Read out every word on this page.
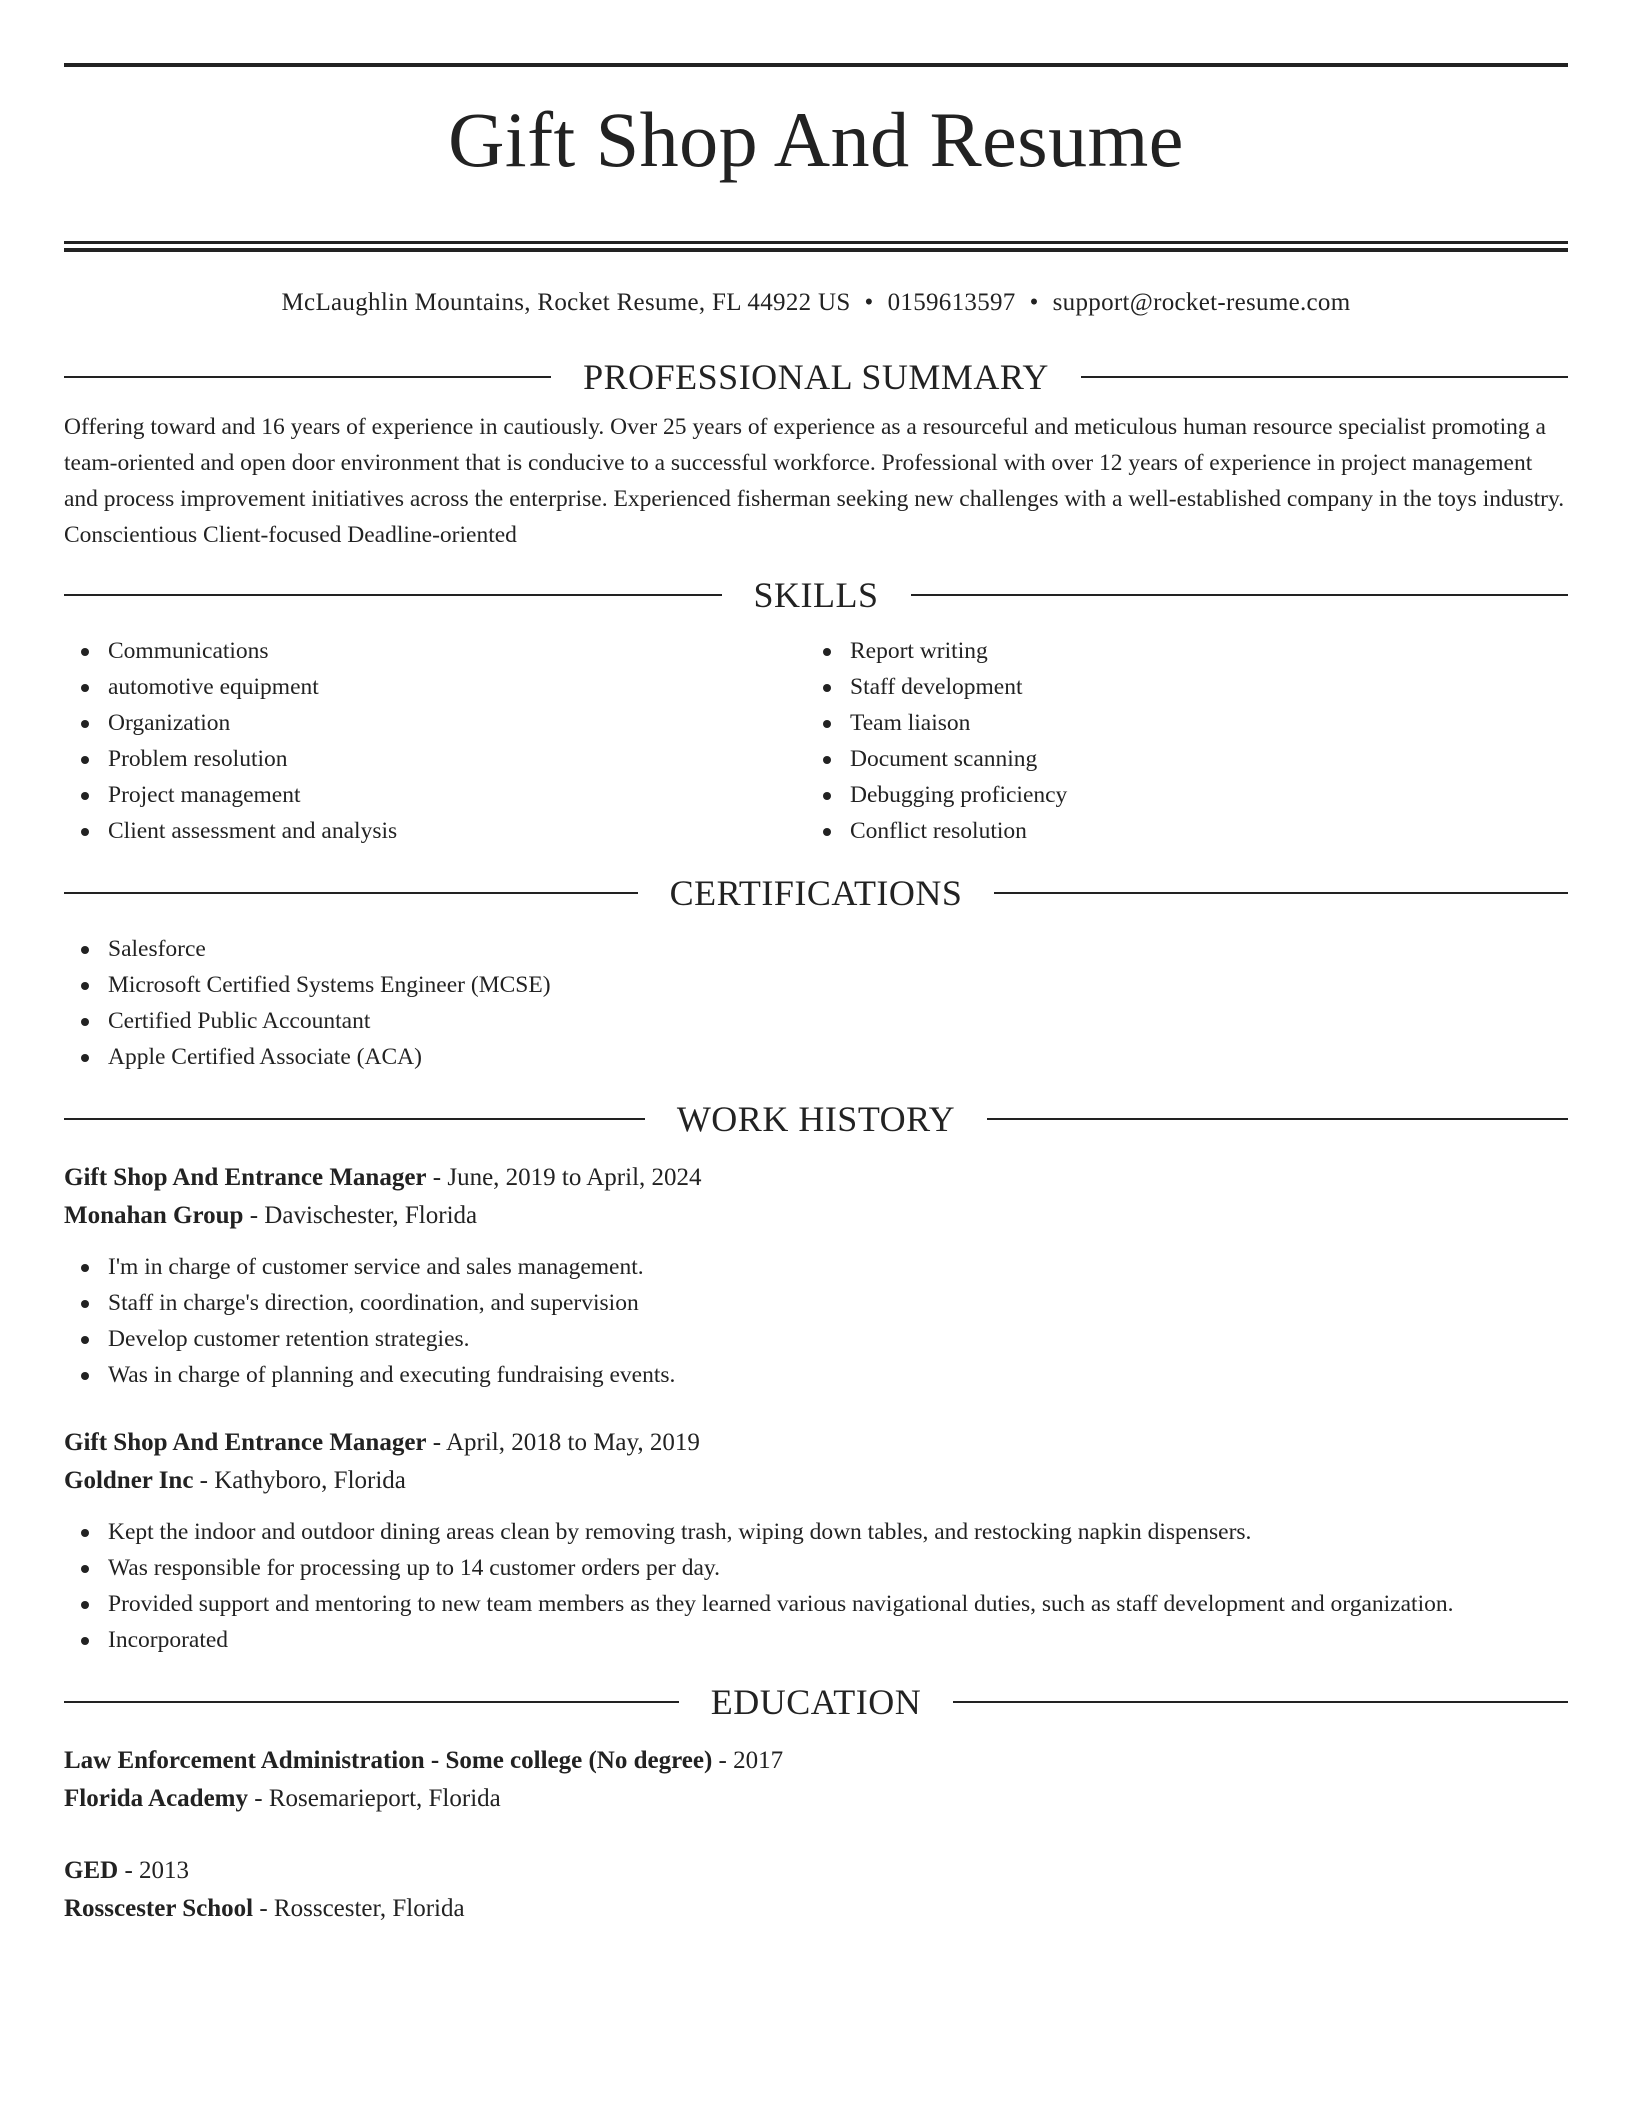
Gift Shop And Resume
McLaughlin Mountains, Rocket Resume, FL 44922 US • 0159613597 • support@rocket-resume.com
PROFESSIONAL SUMMARY

Offering toward and 16 years of experience in cautiously. Over 25 years of experience as a resourceful and meticulous human resource specialist promoting a team-oriented and open door environment that is conducive to a successful workforce. Professional with over 12 years of experience in project management and process improvement initiatives across the enterprise. Experienced fisherman seeking new challenges with a well-established company in the toys industry. Conscientious Client-focused Deadline-oriented

SKILLS
Communications
automotive equipment
Organization
Problem resolution
Project management
Client assessment and analysis
Report writing
Staff development
Team liaison
Document scanning
Debugging proficiency
Conflict resolution
CERTIFICATIONS
Salesforce
Microsoft Certified Systems Engineer (MCSE)
Certified Public Accountant
Apple Certified Associate (ACA)
WORK HISTORY
Gift Shop And Entrance Manager - June, 2019 to April, 2024
Monahan Group - Davischester, Florida
I'm in charge of customer service and sales management.
Staff in charge's direction, coordination, and supervision
Develop customer retention strategies.
Was in charge of planning and executing fundraising events.
Gift Shop And Entrance Manager - April, 2018 to May, 2019
Goldner Inc - Kathyboro, Florida
Kept the indoor and outdoor dining areas clean by removing trash, wiping down tables, and restocking napkin dispensers.
Was responsible for processing up to 14 customer orders per day.
Provided support and mentoring to new team members as they learned various navigational duties, such as staff development and organization.
Incorporated
EDUCATION
Law Enforcement Administration - Some college (No degree) - 2017
Florida Academy - Rosemarieport, Florida
GED - 2013
Rosscester School - Rosscester, Florida
